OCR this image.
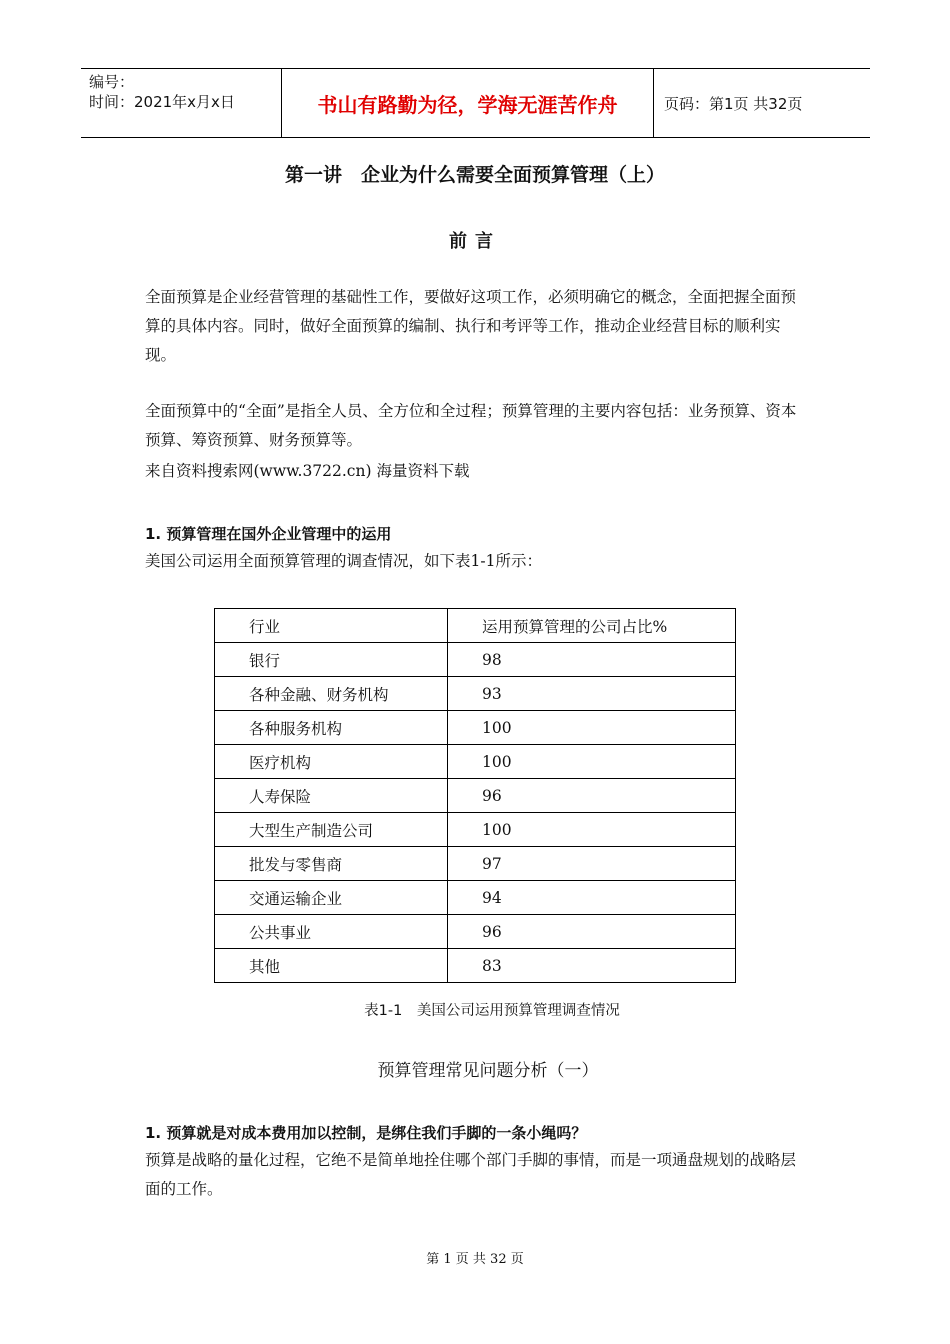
编号：
时间：2021年x月x日	书山有路勤为径，学海无涯苦作舟	页码：第1页 共32页
第一讲　企业为什么需要全面预算管理（上）
前言
全面预算是企业经营管理的基础性工作，要做好这项工作，必须明确它的概念，全面把握全面预算的具体内容。同时，做好全面预算的编制、执行和考评等工作，推动企业经营目标的顺利实现。
全面预算中的“全面”是指全人员、全方位和全过程；预算管理的主要内容包括：业务预算、资本预算、筹资预算、财务预算等。
来自资料搜索网(www.3722.cn) 海量资料下载
1. 预算管理在国外企业管理中的运用
美国公司运用全面预算管理的调查情况，如下表1-1所示：
行业	运用预算管理的公司占比%
银行	98
各种金融、财务机构	93
各种服务机构	100
医疗机构	100
人寿保险	96
大型生产制造公司	100
批发与零售商	97
交通运输企业	94
公共事业	96
其他	83
表1-1　美国公司运用预算管理调查情况
预算管理常见问题分析（一）
1. 预算就是对成本费用加以控制，是绑住我们手脚的一条小绳吗？
预算是战略的量化过程，它绝不是简单地拴住哪个部门手脚的事情，而是一项通盘规划的战略层面的工作。
第 1 页 共 32 页
